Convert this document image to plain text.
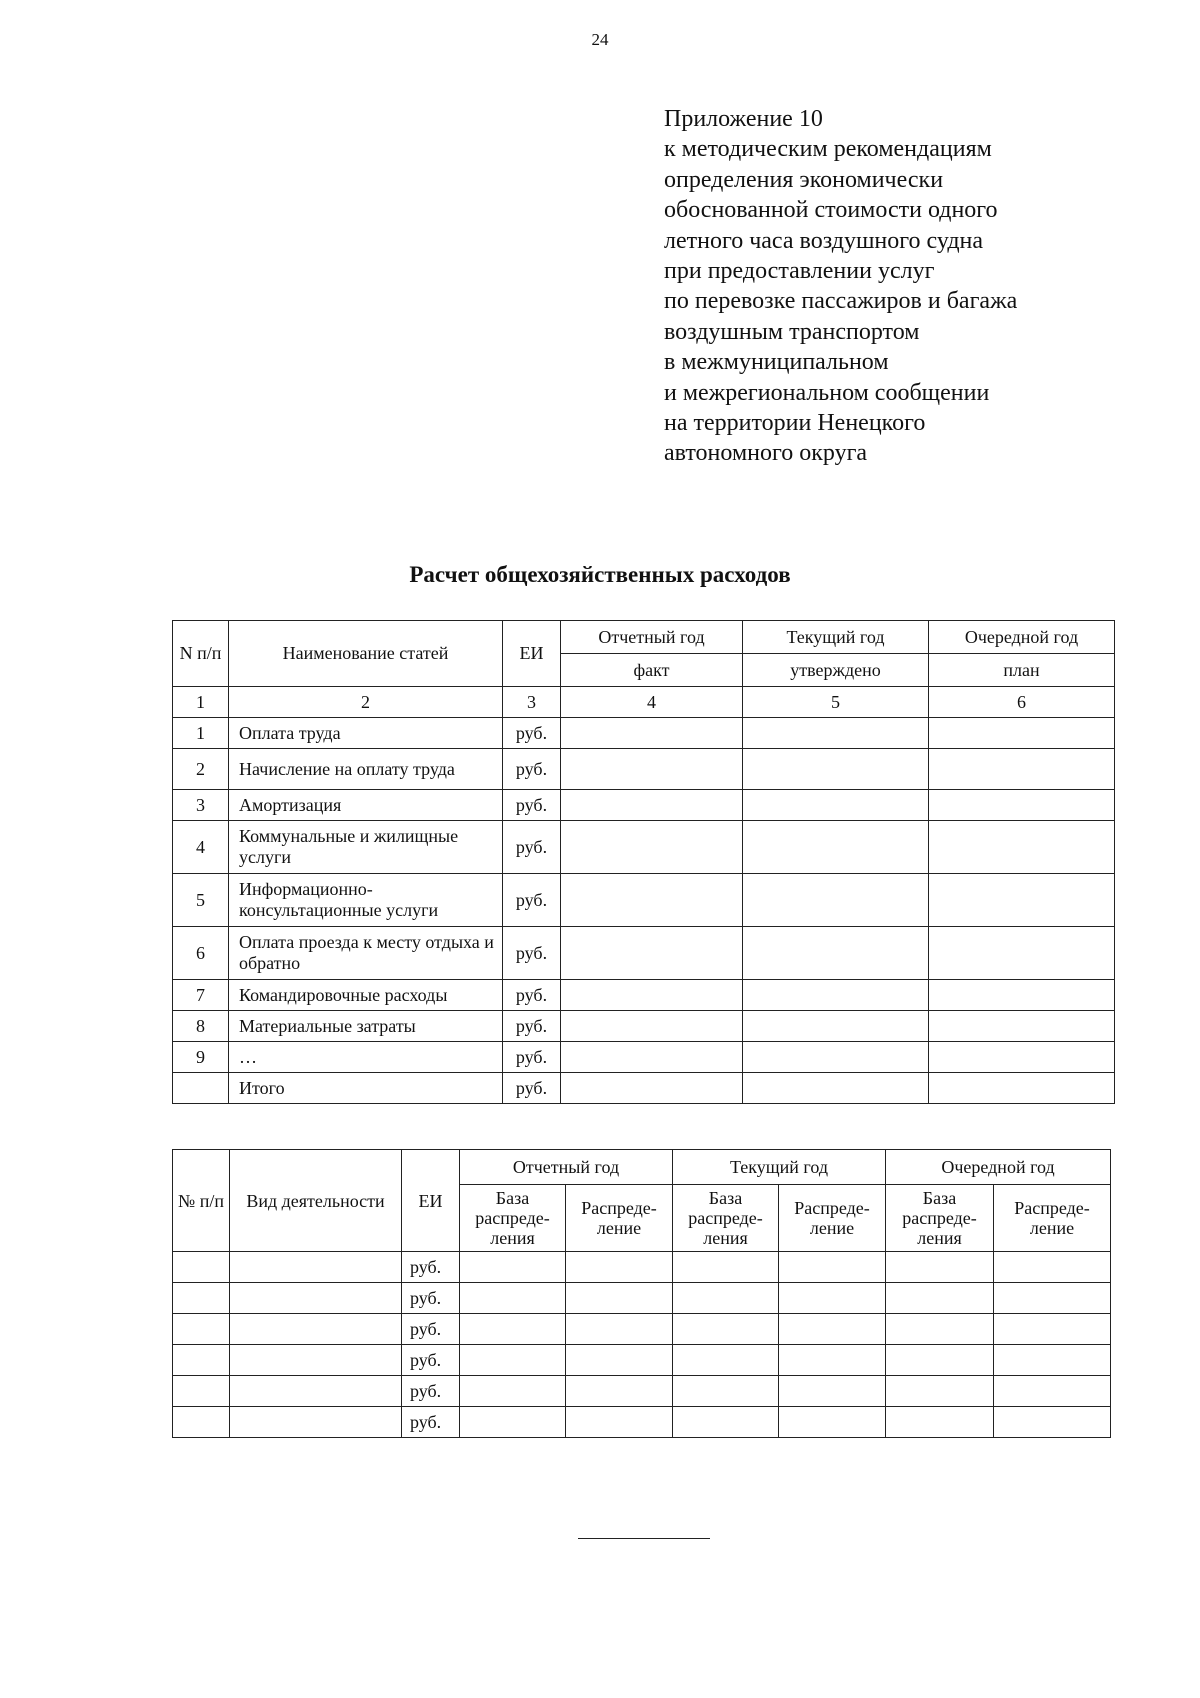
24
Приложение 10
к методическим рекомендациям
определения экономически
обоснованной стоимости одного
летного часа воздушного судна
при предоставлении услуг
по перевозке пассажиров и багажа
воздушным транспортом
в межмуниципальном
и межрегиональном сообщении
на территории Ненецкого
автономного округа
Расчет общехозяйственных расходов
N п/п	Наименование статей	ЕИ	Отчетный год	Текущий год	Очередной год
			факт	утверждено	план
1	2	3	4	5	6
1	Оплата труда	руб.			
2	Начисление на оплату труда	руб.			
3	Амортизация	руб.			
4	Коммунальные и жилищные услуги	руб.			
5	Информационно-консультационные услуги	руб.			
6	Оплата проезда к месту отдыха и обратно	руб.			
7	Командировочные расходы	руб.			
8	Материальные затраты	руб.			
9	…	руб.			
	Итого	руб.			
№ п/п	Вид деятельности	ЕИ	Отчетный год		Текущий год		Очередной год	
			База распреде-ления	Распреде-ление	База распреде-ления	Распреде-ление	База распреде-ления	Распреде-ление
		руб.						
		руб.						
		руб.						
		руб.						
		руб.						
		руб.						
